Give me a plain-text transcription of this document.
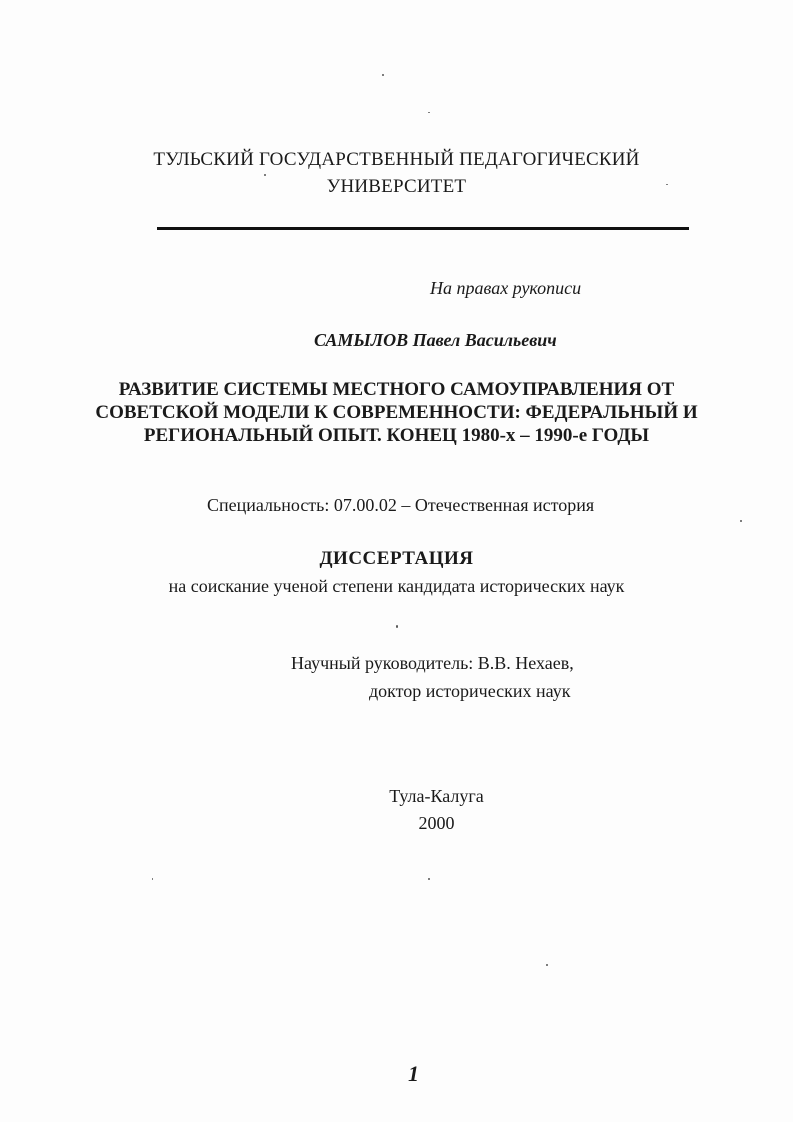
ТУЛЬСКИЙ ГОСУДАРСТВЕННЫЙ ПЕДАГОГИЧЕСКИЙ
УНИВЕРСИТЕТ
На правах рукописи
САМЫЛОВ Павел Васильевич
РАЗВИТИЕ СИСТЕМЫ МЕСТНОГО САМОУПРАВЛЕНИЯ ОТ
СОВЕТСКОЙ МОДЕЛИ К СОВРЕМЕННОСТИ: ФЕДЕРАЛЬНЫЙ И
РЕГИОНАЛЬНЫЙ ОПЫТ. КОНЕЦ 1980-х – 1990-е ГОДЫ
Специальность: 07.00.02 – Отечественная история
ДИССЕРТАЦИЯ
на соискание ученой степени кандидата исторических наук
Научный руководитель: В.В. Нехаев,
доктор исторических наук
Тула-Калуга
2000
1
